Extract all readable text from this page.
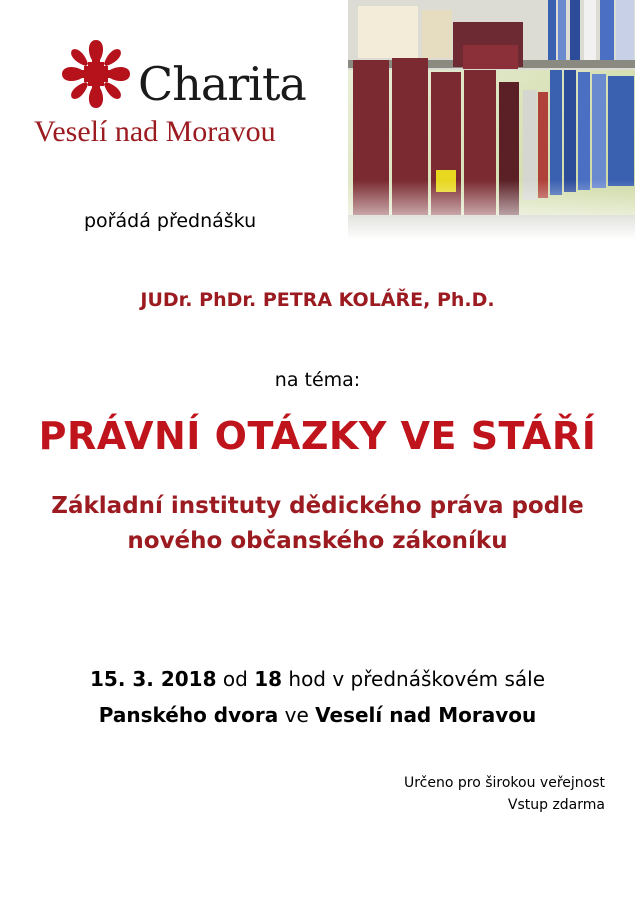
Charita
Veselí nad Moravou
pořádá přednášku
JUDr. PhDr. PETRA KOLÁŘE, Ph.D.
na téma:
PRÁVNÍ OTÁZKY VE STÁŘÍ
Základní instituty dědického práva podle
nového občanského zákoníku
15. 3. 2018 od 18 hod v přednáškovém sále
Panského dvora ve Veselí nad Moravou
Určeno pro širokou veřejnost
Vstup zdarma
